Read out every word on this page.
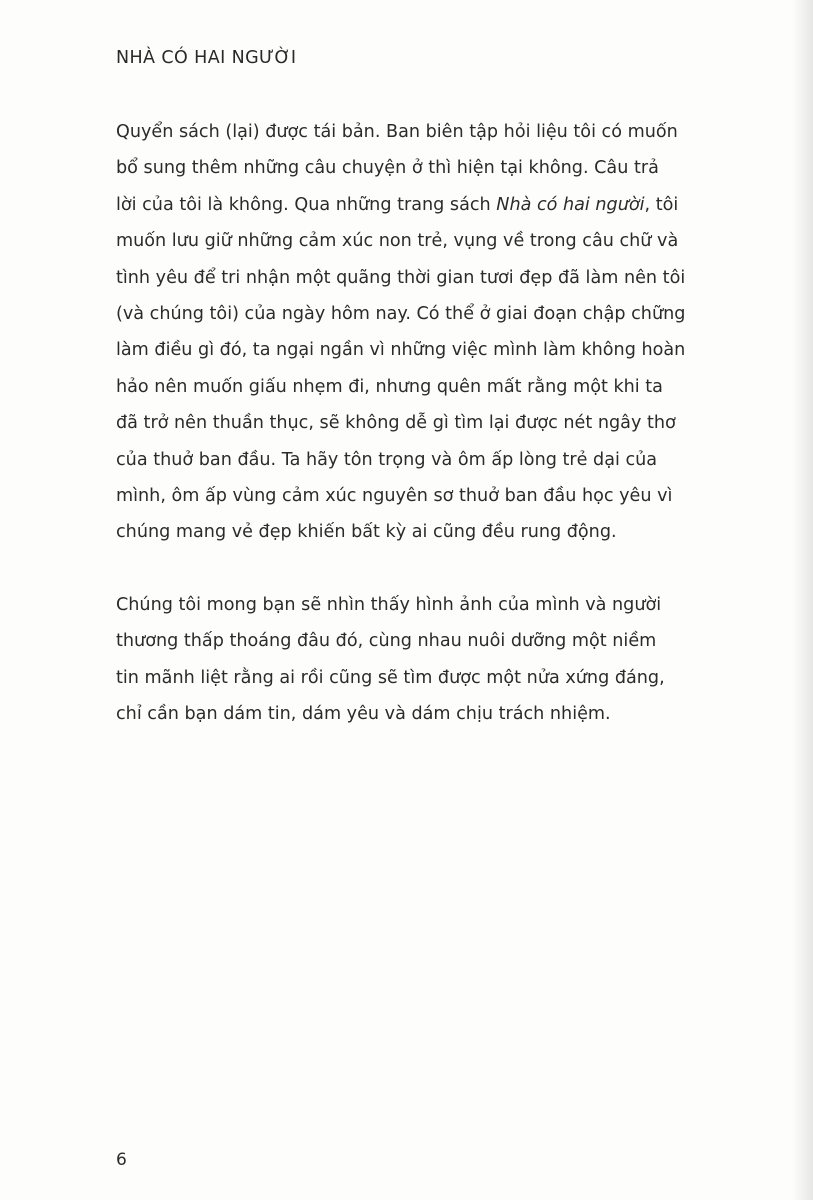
NHÀ CÓ HAI NGƯỜI

Quyển sách (lại) được tái bản. Ban biên tập hỏi liệu tôi có muốn
bổ sung thêm những câu chuyện ở thì hiện tại không. Câu trả
lời của tôi là không. Qua những trang sách Nhà có hai người, tôi
muốn lưu giữ những cảm xúc non trẻ, vụng về trong câu chữ và
tình yêu để tri nhận một quãng thời gian tươi đẹp đã làm nên tôi
(và chúng tôi) của ngày hôm nay. Có thể ở giai đoạn chập chững
làm điều gì đó, ta ngại ngần vì những việc mình làm không hoàn
hảo nên muốn giấu nhẹm đi, nhưng quên mất rằng một khi ta
đã trở nên thuần thục, sẽ không dễ gì tìm lại được nét ngây thơ
của thuở ban đầu. Ta hãy tôn trọng và ôm ấp lòng trẻ dại của
mình, ôm ấp vùng cảm xúc nguyên sơ thuở ban đầu học yêu vì
chúng mang vẻ đẹp khiến bất kỳ ai cũng đều rung động.

Chúng tôi mong bạn sẽ nhìn thấy hình ảnh của mình và người
thương thấp thoáng đâu đó, cùng nhau nuôi dưỡng một niềm
tin mãnh liệt rằng ai rồi cũng sẽ tìm được một nửa xứng đáng,
chỉ cần bạn dám tin, dám yêu và dám chịu trách nhiệm.

6
